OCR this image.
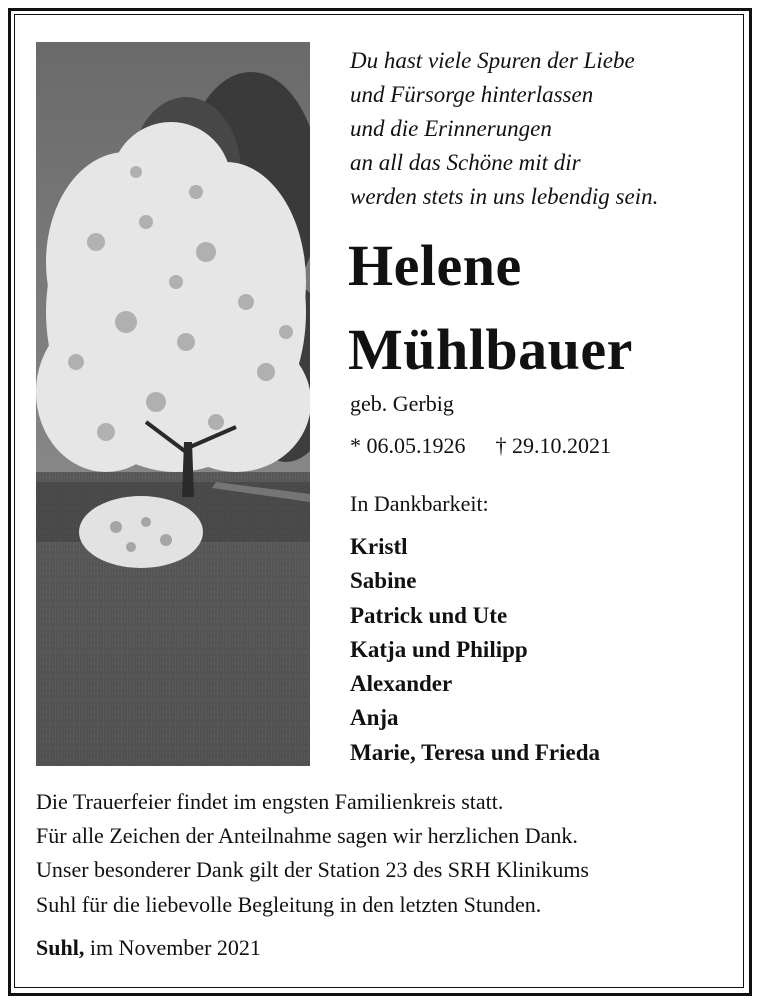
Du hast viele Spuren der Liebe
und Fürsorge hinterlassen
und die Erinnerungen
an all das Schöne mit dir
werden stets in uns lebendig sein.
Helene
Mühlbauer
geb. Gerbig
* 06.05.1926 † 29.10.2021
In Dankbarkeit:
Kristl
Sabine
Patrick und Ute
Katja und Philipp
Alexander
Anja
Marie, Teresa und Frieda
Die Trauerfeier findet im engsten Familienkreis statt.
Für alle Zeichen der Anteilnahme sagen wir herzlichen Dank.
Unser besonderer Dank gilt der Station 23 des SRH Klinikums
Suhl für die liebevolle Begleitung in den letzten Stunden.
Suhl, im November 2021
